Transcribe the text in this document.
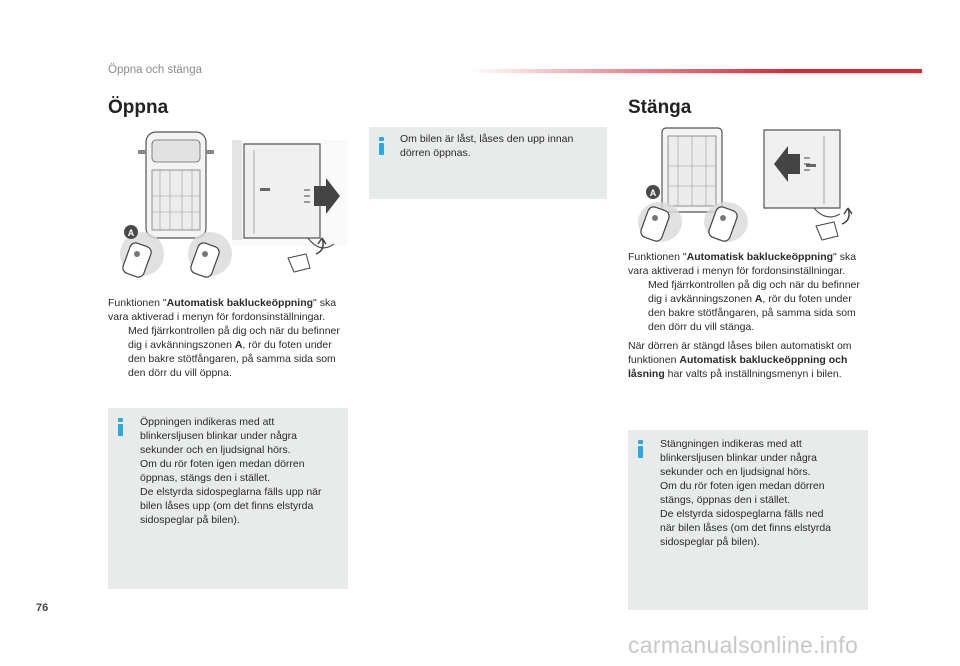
Öppna och stänga
Öppna
A
Funktionen "Automatisk bakluckeöppning" ska vara aktiverad i menyn för fordonsinställningar.
Med fjärrkontrollen på dig och när du befinner dig i avkänningszonen A, rör du foten under den bakre stötfångaren, på samma sida som den dörr du vill öppna.
Öppningen indikeras med att
blinkersljusen blinkar under några
sekunder och en ljudsignal hörs.
Om du rör foten igen medan dörren
öppnas, stängs den i stället.
De elstyrda sidospeglarna fälls upp när
bilen låses upp (om det finns elstyrda
sidospeglar på bilen).
Om bilen är låst, låses den upp innan
dörren öppnas.
Stänga
A
Funktionen "Automatisk bakluckeöppning" ska vara aktiverad i menyn för fordonsinställningar.
Med fjärrkontrollen på dig och när du befinner dig i avkänningszonen A, rör du foten under den bakre stötfångaren, på samma sida som den dörr du vill stänga.
När dörren är stängd låses bilen automatiskt om funktionen Automatisk bakluckeöppning och låsning har valts på inställningsmenyn i bilen.
Stängningen indikeras med att
blinkersljusen blinkar under några
sekunder och en ljudsignal hörs.
Om du rör foten igen medan dörren
stängs, öppnas den i stället.
De elstyrda sidospeglarna fälls ned
när bilen låses (om det finns elstyrda
sidospeglar på bilen).
76
carmanualsonline.info
